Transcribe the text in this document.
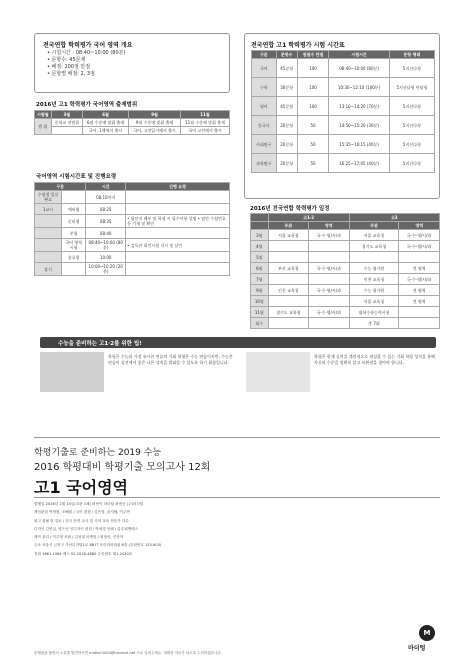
전국연합 학력평가 국어 영역 개요
• 시험시간 : 08:40~10:00 (80분)
• 문항수: 45문제
• 배점: 100점 만점
• 문항별 배점: 2, 3점
2016년 고1 학력평가 국어영역 출제범위
시험월	3월	6월	9월	11월
범 위	중학교 전범위	6월 수준에 맞춰 출제	9월 수준에 맞춰 출제	11월 수준에 맞춰 출제
		국어, 1책에서 출시	국어, 고전읽기에서 출시	국어 고전에서 출시
국어영역 시험시간표 및 진행요령
구분		시간	진행 요령
수험생 입실 완료		08:10까지	
1교시	예비령	08:25	
	준비령	08:35	• 답안지 배부 및 학생 시 필수사항 설명 • 답안 수험번호 등 기재 및 확인
	본령	08:40	
	국어 영역 시험	08:40~10:00 (80분)	• 감독관 회인시험 지시 및 날인
	종료령	10:00	
휴식		10:00~10:20 (20분)	
전국연합 고1 학력평가 시험 시간표
구분	문항수	원점수 만점	시험시간	문항 형태
국어	45문항	100	08:40~10:00 (80분)	5지선다형
수학	30문항	100	10:30~12:10 (100분)	5지선다형 단답형
영어	45문항	100	13:10~14:20 (70분)	5지선다형
한국사	20문항	50	14:50~15:20 (30분)	5지선다형
사회탐구	20문항	50	15:35~16:15 (40분)	5지선다형
과학탐구	20문항	50	16:25~17:05 (40분)	5지선다형
2016년 전국연합 학력평가 일정
	고1·2		고3	
	주관	영역	주관	영역
3월	서울 교육청	국·수·영/사/과	서울 교육청	국·수·영/사/과
4월			경기도 교육청	국·수·영/사/과
5월				
6월	부산 교육청	국·수·영/사/과	수능 평가원	전 영역
7월			인천 교육청	국·수·영/사/과
9월	인천 교육청	국·수·영/사/과	수능 평가원	전 영역
10월			서울 교육청	전 영역
11월	경기도 교육청	국·수·영/사/과	대학수학능력시험	
회수			총 7회	
수능을 준비하는 고1·2를 위한 팁!
학평은 수능과 가장 유사한 연습의 기회 학평은 수능 연습이지만, 수능은 연습이 실전에서 좋은 나은 성적을 발휘할 수 있도록 하기 위함입니다.
학평은 현재 실력을 객관적으로 점검할 수 있는 기회 학평 성적을 통해 자신의 수준을 정확히 알고 보완점을 찾아야 합니다.
학평기출로 준비하는 2019 수능
2016 학평대비 학평기출 모의고사 12회
고1 국어영역
발행일 2016년 2월 15일(초판 1쇄) 펴낸이 마더텅 펴낸곳 (주)마더텅
책임편집 박정원, 조해원 / 국어 편집 / 김은영, 윤지혜, 이주연
원고 집필 및 검토 / 전국 현직 교사 및 국어 교육 전문가 다수
디자인 김연실, 양은선 인디자인 편집 / 박애경 인쇄 / 갑우피엔에스
제작 관리 / 이주영 조판 / 김성권 마케팅 / 최영석, 전현아
주소 서울시 금천구 가산디지털1로 88 IT 프리미어타워 8층 (우편번호 153-803)
전화 1661-1064 팩스 02-2026-4880 등록번호 제1-2430호
M
마더텅
문제집을 풀면서 오류를 발견하시면 mother1004@hanmail.net 으로 알려주세요. 정확한 자료가 되도록 노력하겠습니다.
